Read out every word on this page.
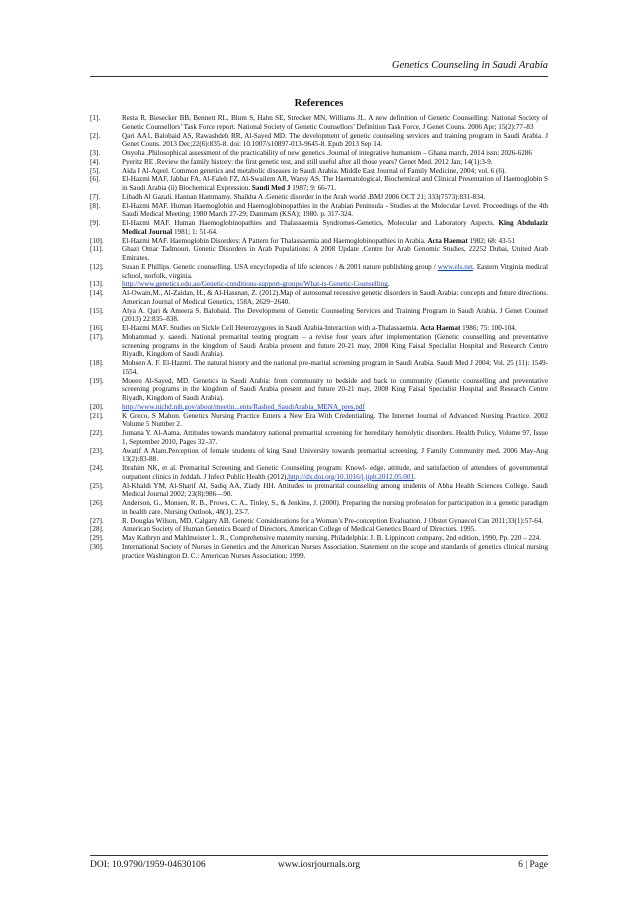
Genetics Counseling in Saudi Arabia
References
[1].	Resta R, Biesecker BB, Bennett RL, Blum S, Hahn SE, Strecker MN, Williams JL. A new definition of Genetic Counselling: National Society of Genetic Counsellors’ Task Force report. National Society of Genetic Counsellors’ Definition Task Force, J Genet Couns. 2006 Apr; 15(2):77–83
[2].	Qari AA1, Balobaid AS, Rawashdeh RR, Al-Sayed MD. The development of genetic counseling services and training program in Saudi Arabia. J Genet Couns. 2013 Dec;22(6):835-8. doi: 10.1007/s10897-013-9645-8. Epub 2013 Sep 14.
[3].	Onyoha .Philosophical assessment of the practicability of new genetics .Journal of integrative humanism – Ghana march, 2014 issn: 2026-6286
[4].	Pyeritz RE .Review the family history: the first genetic test, and still useful after all those years? Genet Med. 2012 Jan; 14(1):3-9.
[5].	Aida I Al-Aqeel. Common genetics and metabolic diseases in Saudi Arabia. Middle East Journal of Family Medicine, 2004; vol. 6 (6).
[6].	El-Hazmi MAF, Jabbar FA, Al-Faleh FZ, Al-Swailem AR, Warsy AS. The Haematological, Biochemical and Clinical Presentation of Haemoglobin S in Saudi Arabia (ii) Biochemical Expression. Saudi Med J 1987; 9: 66-71.
[7].	Lihadh Al Gazali. Hannan Hammamy. Shaikha A .Genetic disorder in the Arab world .BMJ 2006 OCT 21; 333(7573):831-834.
[8].	El-Hazmi MAF. Human Haemoglobin and Haemoglobinopathies in the Arabian Peninsula - Studies at the Molecular Level. Proceedings of the 4th Saudi Medical Meeting; 1980 March 27-29; Dammam (KSA); 1980. p. 317-324.
[9].	El-Hazmi MAF. Human Haemoglobinopathies and Thalassaemia Syndromes-Genetics, Molecular and Laboratory Aspects. King Abdulaziz Medical Journal 1981; 1: 51-64.
[10].	El-Hazmi MAF. Haemoglobin Disorders: A Pattern for Thalassaemia and Haemoglobinopathies in Arabia. Acta Haemat 1982; 68: 43-51
[11].	Ghazi Omar Tadmouri. Genetic Disorders in Arab Populations: A 2008 Update .Centre for Arab Genomic Studies, 22252 Dubai, United Arab Emirates.
[12].	Susan E Phillips. Genetic counselling. USA encyclopedia of life sciences / & 2001 nature publishing group / www.els.net. Eastern Virginia medical school, norfolk, virginia.
[13].	http://www.genetics.edu.au/Genetic-conditions-support-groups/What-is-Genetic-Counselling.
[14].	Al-Owain,M., Al-Zaidan, H., & Al-Hassnan, Z. (2012).Map of autosomal recessive genetic disorders in Saudi Arabia: concepts and future directions. American Journal of Medical Genetics, 158A, 2629−2640.
[15].	Alya A. Qari & Ameera S. Balobaid. The Development of Genetic Counseling Services and Training Program in Saudi Arabia. J Genet Counsel (2013) 22:835–838.
[16].	El-Hazmi MAF. Studies on Sickle Cell Heterozygotes in Saudi Arabia-Interaction with a-Thalassaemia. Acta Haemat 1986; 75: 100-104.
[17].	Mohammad y. saeedi. National premarital testing program – a revise four years after implementation (Genetic counselling and preventative screening programs in the kingdom of Saudi Arabia present and future 20-21 may, 2008 King Faisal Specialist Hospital and Research Centre Riyadh, Kingdom of Saudi Arabia).
[18].	Mohsen A. F. El-Hazmi. The natural history and the national pre-marital screening program in Saudi Arabia. Saudi Med J 2004; Vol. 25 (11): 1549-1554.
[19].	Moeen Al-Sayed, MD. Genetics in Saudi Arabia: from community to bedside and back to community (Genetic counselling and preventative screening programs in the kingdom of Saudi Arabia present and future 20-21 may, 2008 King Faisal Specialist Hospital and Research Centre Riyadh, Kingdom of Saudi Arabia).
[20].	http://www.nichd.nih.gov/about/meetin...ents/Rashed_SaudiArabia_MENA_pres.pdf
[21].	K Greco, S Mahon. Genetics Nursing Practice Enters a New Era With Credentialing. The Internet Journal of Advanced Nursing Practice. 2002 Volume 5 Number 2.
[22].	Jumana Y. Al-Aama. Attitudes towards mandatory national premarital screening for hereditary hemolytic disorders. Health Policy, Volume 97, Issue 1, September 2010, Pages 32–37.
[23].	Awatif A Alam.Perception of female students of king Saud University towards premarital screening. J Family Community med. 2006 May-Aug 13(2):83-88.
[24].	Ibrahim NK, et al. Premarital Screening and Genetic Counseling program: Knowl- edge, attitude, and satisfaction of attendees of governmental outpatient clinics in Jeddah. J Infect Public Health (2012),http://dx.doi.org/10.1016/j.jiph.2012.05.001.
[25].	Al-Khaldi YM, Al-Sharif AI, Sadiq AA, Ziady HH. Attitudes to premarital counseling among students of Abha Health Sciences College. Saudi Medical Journal 2002; 23(8):986—90.
[26].	Anderson, G., Monsen, R. B., Prows, C. A., Tinley, S., & Jenkins, J. (2000). Preparing the nursing profession for participation in a genetic paradigm in health care. Nursing Outlook, 48(1), 23-7.
[27].	R. Douglas Wilson, MD, Calgary AB. Genetic Considerations for a Woman’s Pre-conception Evaluation. J Obstet Gynaecol Can 2011;33(1):57-64.
[28].	American Society of Human Genetics Board of Directors, American College of Medical Genetics Board of Directors. 1995.
[29].	May Kathryn and Mahlmeister L. R., Comprehensive maternity nursing, Philadelphia: J. B. Lippincott company, 2nd edition, 1990, Pp. 220 – 224.
[30].	International Society of Nurses in Genetics and the American Nurses Association. Statement on the scope and standards of genetics clinical nursing practice Washington D. C.: American Nurses Association; 1999.
DOI: 10.9790/1959-04630106	www.iosrjournals.org	6 | Page
